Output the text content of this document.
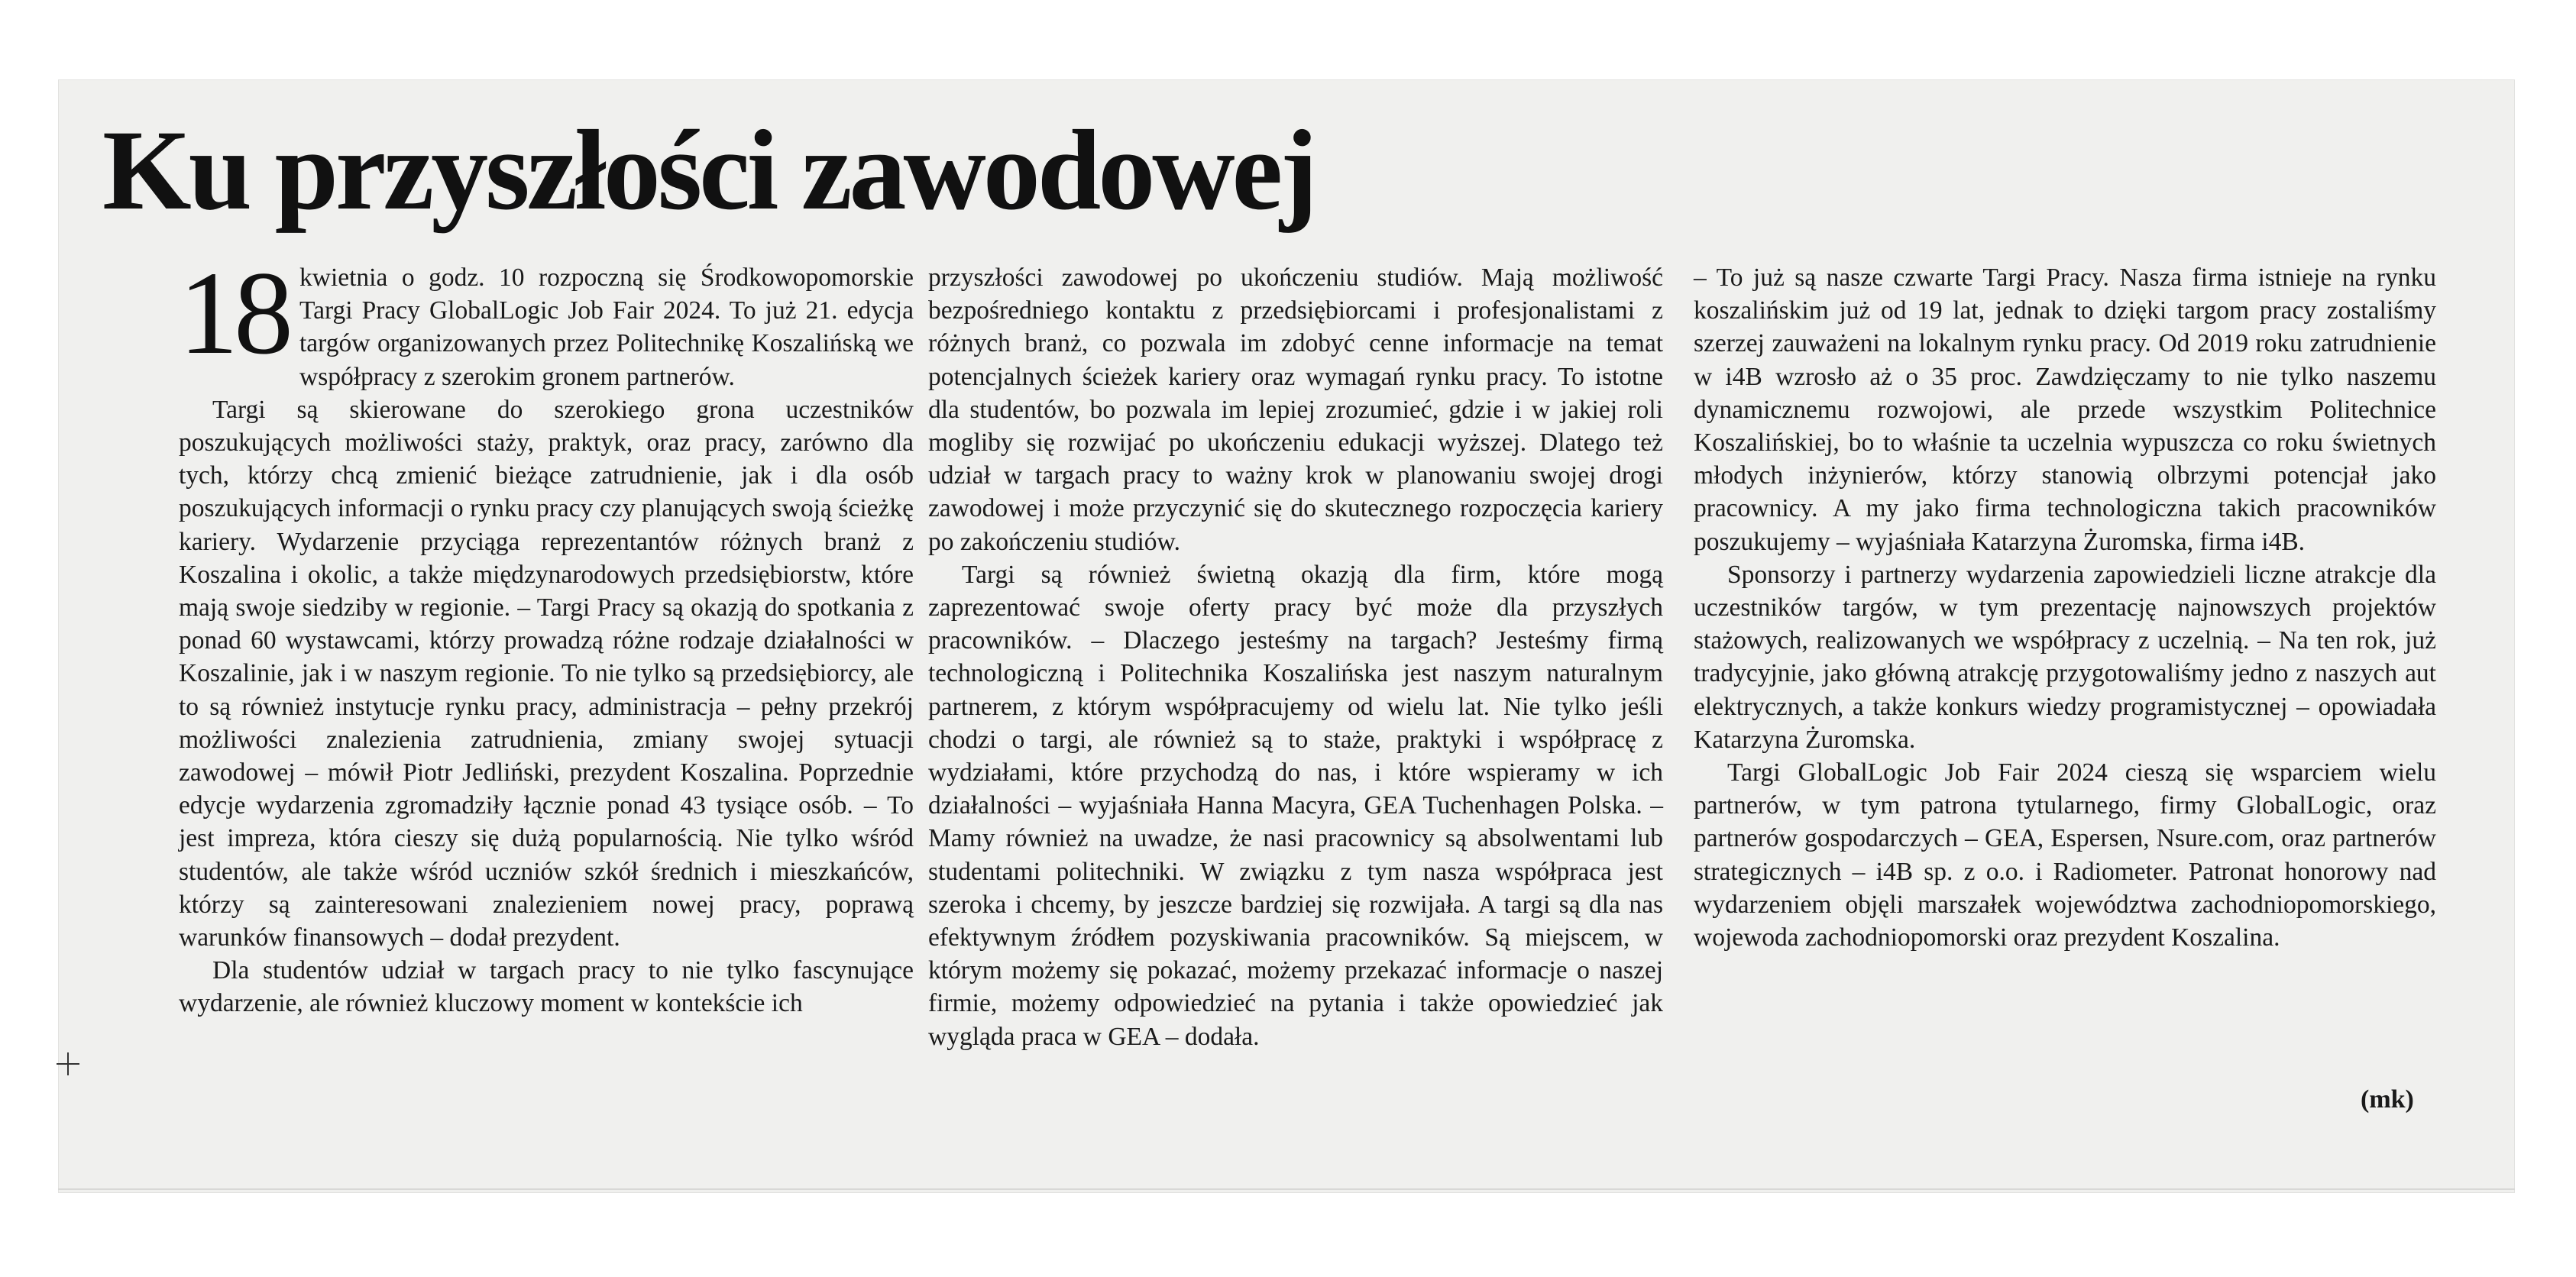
Ku przyszłości zawodowej

18 kwietnia o godz. 10 rozpoczną się Środkowopomorskie Targi Pracy GlobalLogic Job Fair 2024. To już 21. edycja targów organizowanych przez Politechnikę Koszalińską we współpracy z szerokim gronem partnerów.

Targi są skierowane do szerokiego grona uczestników poszukujących możliwości staży, praktyk, oraz pracy, zarówno dla tych, którzy chcą zmienić bieżące zatrudnienie, jak i dla osób poszukujących informacji o rynku pracy czy planujących swoją ścieżkę kariery. Wydarzenie przyciąga reprezentantów różnych branż z Koszalina i okolic, a także międzynarodowych przedsiębiorstw, które mają swoje siedziby w regionie. – Targi Pracy są okazją do spotkania z ponad 60 wystawcami, którzy prowadzą różne rodzaje działalności w Koszalinie, jak i w naszym regionie. To nie tylko są przedsiębiorcy, ale to są również instytucje rynku pracy, administracja – pełny przekrój możliwości znalezienia zatrudnienia, zmiany swojej sytuacji zawodowej – mówił Piotr Jedliński, prezydent Koszalina. Poprzednie edycje wydarzenia zgromadziły łącznie ponad 43 tysiące osób. – To jest impreza, która cieszy się dużą popularnością. Nie tylko wśród studentów, ale także wśród uczniów szkół średnich i mieszkańców, którzy są zainteresowani znalezieniem nowej pracy, poprawą warunków finansowych – dodał prezydent.

Dla studentów udział w targach pracy to nie tylko fascynujące wydarzenie, ale również kluczowy moment w kontekście ich

przyszłości zawodowej po ukończeniu studiów. Mają możliwość bezpośredniego kontaktu z przedsiębiorcami i profesjonalistami z różnych branż, co pozwala im zdobyć cenne informacje na temat potencjalnych ścieżek kariery oraz wymagań rynku pracy. To istotne dla studentów, bo pozwala im lepiej zrozumieć, gdzie i w jakiej roli mogliby się rozwijać po ukończeniu edukacji wyższej. Dlatego też udział w targach pracy to ważny krok w planowaniu swojej drogi zawodowej i może przyczynić się do skutecznego rozpoczęcia kariery po zakończeniu studiów.

Targi są również świetną okazją dla firm, które mogą zaprezentować swoje oferty pracy być może dla przyszłych pracowników. – Dlaczego jesteśmy na targach? Jesteśmy firmą technologiczną i Politechnika Koszalińska jest naszym naturalnym partnerem, z którym współpracujemy od wielu lat. Nie tylko jeśli chodzi o targi, ale również są to staże, praktyki i współpracę z wydziałami, które przychodzą do nas, i które wspieramy w ich działalności – wyjaśniała Hanna Macyra, GEA Tuchenhagen Polska. – Mamy również na uwadze, że nasi pracownicy są absolwentami lub studentami politechniki. W związku z tym nasza współpraca jest szeroka i chcemy, by jeszcze bardziej się rozwijała. A targi są dla nas efektywnym źródłem pozyskiwania pracowników. Są miejscem, w którym możemy się pokazać, możemy przekazać informacje o naszej firmie, możemy odpowiedzieć na pytania i także opowiedzieć jak wygląda praca w GEA – dodała.

– To już są nasze czwarte Targi Pracy. Nasza firma istnieje na rynku koszalińskim już od 19 lat, jednak to dzięki targom pracy zostaliśmy szerzej zauważeni na lokalnym rynku pracy. Od 2019 roku zatrudnienie w i4B wzrosło aż o 35 proc. Zawdzięczamy to nie tylko naszemu dynamicznemu rozwojowi, ale przede wszystkim Politechnice Koszalińskiej, bo to właśnie ta uczelnia wypuszcza co roku świetnych młodych inżynierów, którzy stanowią olbrzymi potencjał jako pracownicy. A my jako firma technologiczna takich pracowników poszukujemy – wyjaśniała Katarzyna Żuromska, firma i4B.

Sponsorzy i partnerzy wydarzenia zapowiedzieli liczne atrakcje dla uczestników targów, w tym prezentację najnowszych projektów stażowych, realizowanych we współpracy z uczelnią. – Na ten rok, już tradycyjnie, jako główną atrakcję przygotowaliśmy jedno z naszych aut elektrycznych, a także konkurs wiedzy programistycznej – opowiadała Katarzyna Żuromska.

Targi GlobalLogic Job Fair 2024 cieszą się wsparciem wielu partnerów, w tym patrona tytularnego, firmy GlobalLogic, oraz partnerów gospodarczych – GEA, Espersen, Nsure.com, oraz partnerów strategicznych – i4B sp. z o.o. i Radiometer. Patronat honorowy nad wydarzeniem objęli marszałek województwa zachodniopomorskiego, wojewoda zachodniopomorski oraz prezydent Koszalina.

(mk)
